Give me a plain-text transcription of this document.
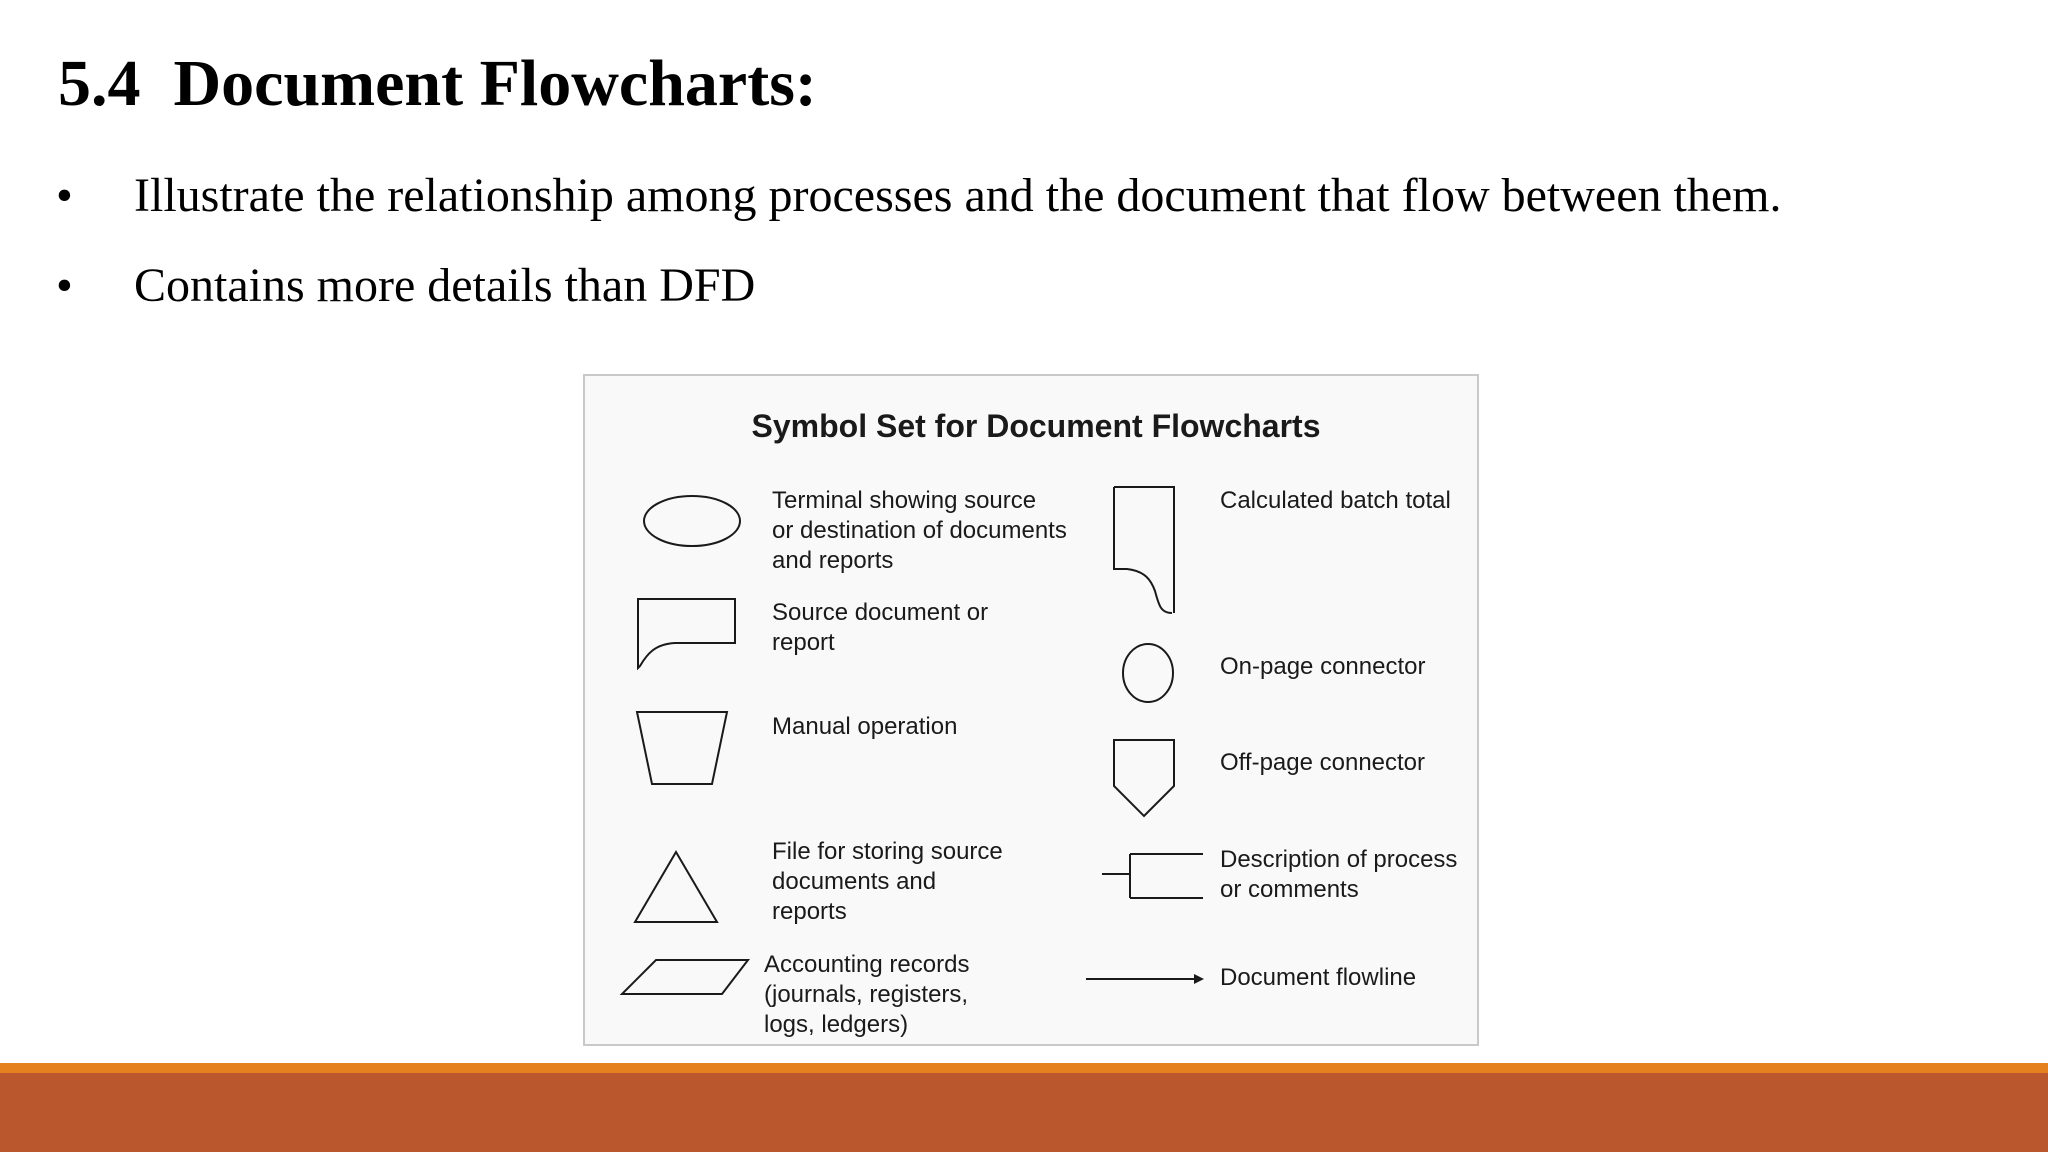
5.4  Document Flowcharts:
• Illustrate the relationship among processes and the document that flow between them.
• Contains more details than DFD
Symbol Set for Document Flowcharts
Terminal showing source
or destination of documents
and reports
Source document or
report
Manual operation
File for storing source
documents and
reports
Accounting records
(journals, registers,
logs, ledgers)
Calculated batch total
On-page connector
Off-page connector
Description of process
or comments
Document flowline
